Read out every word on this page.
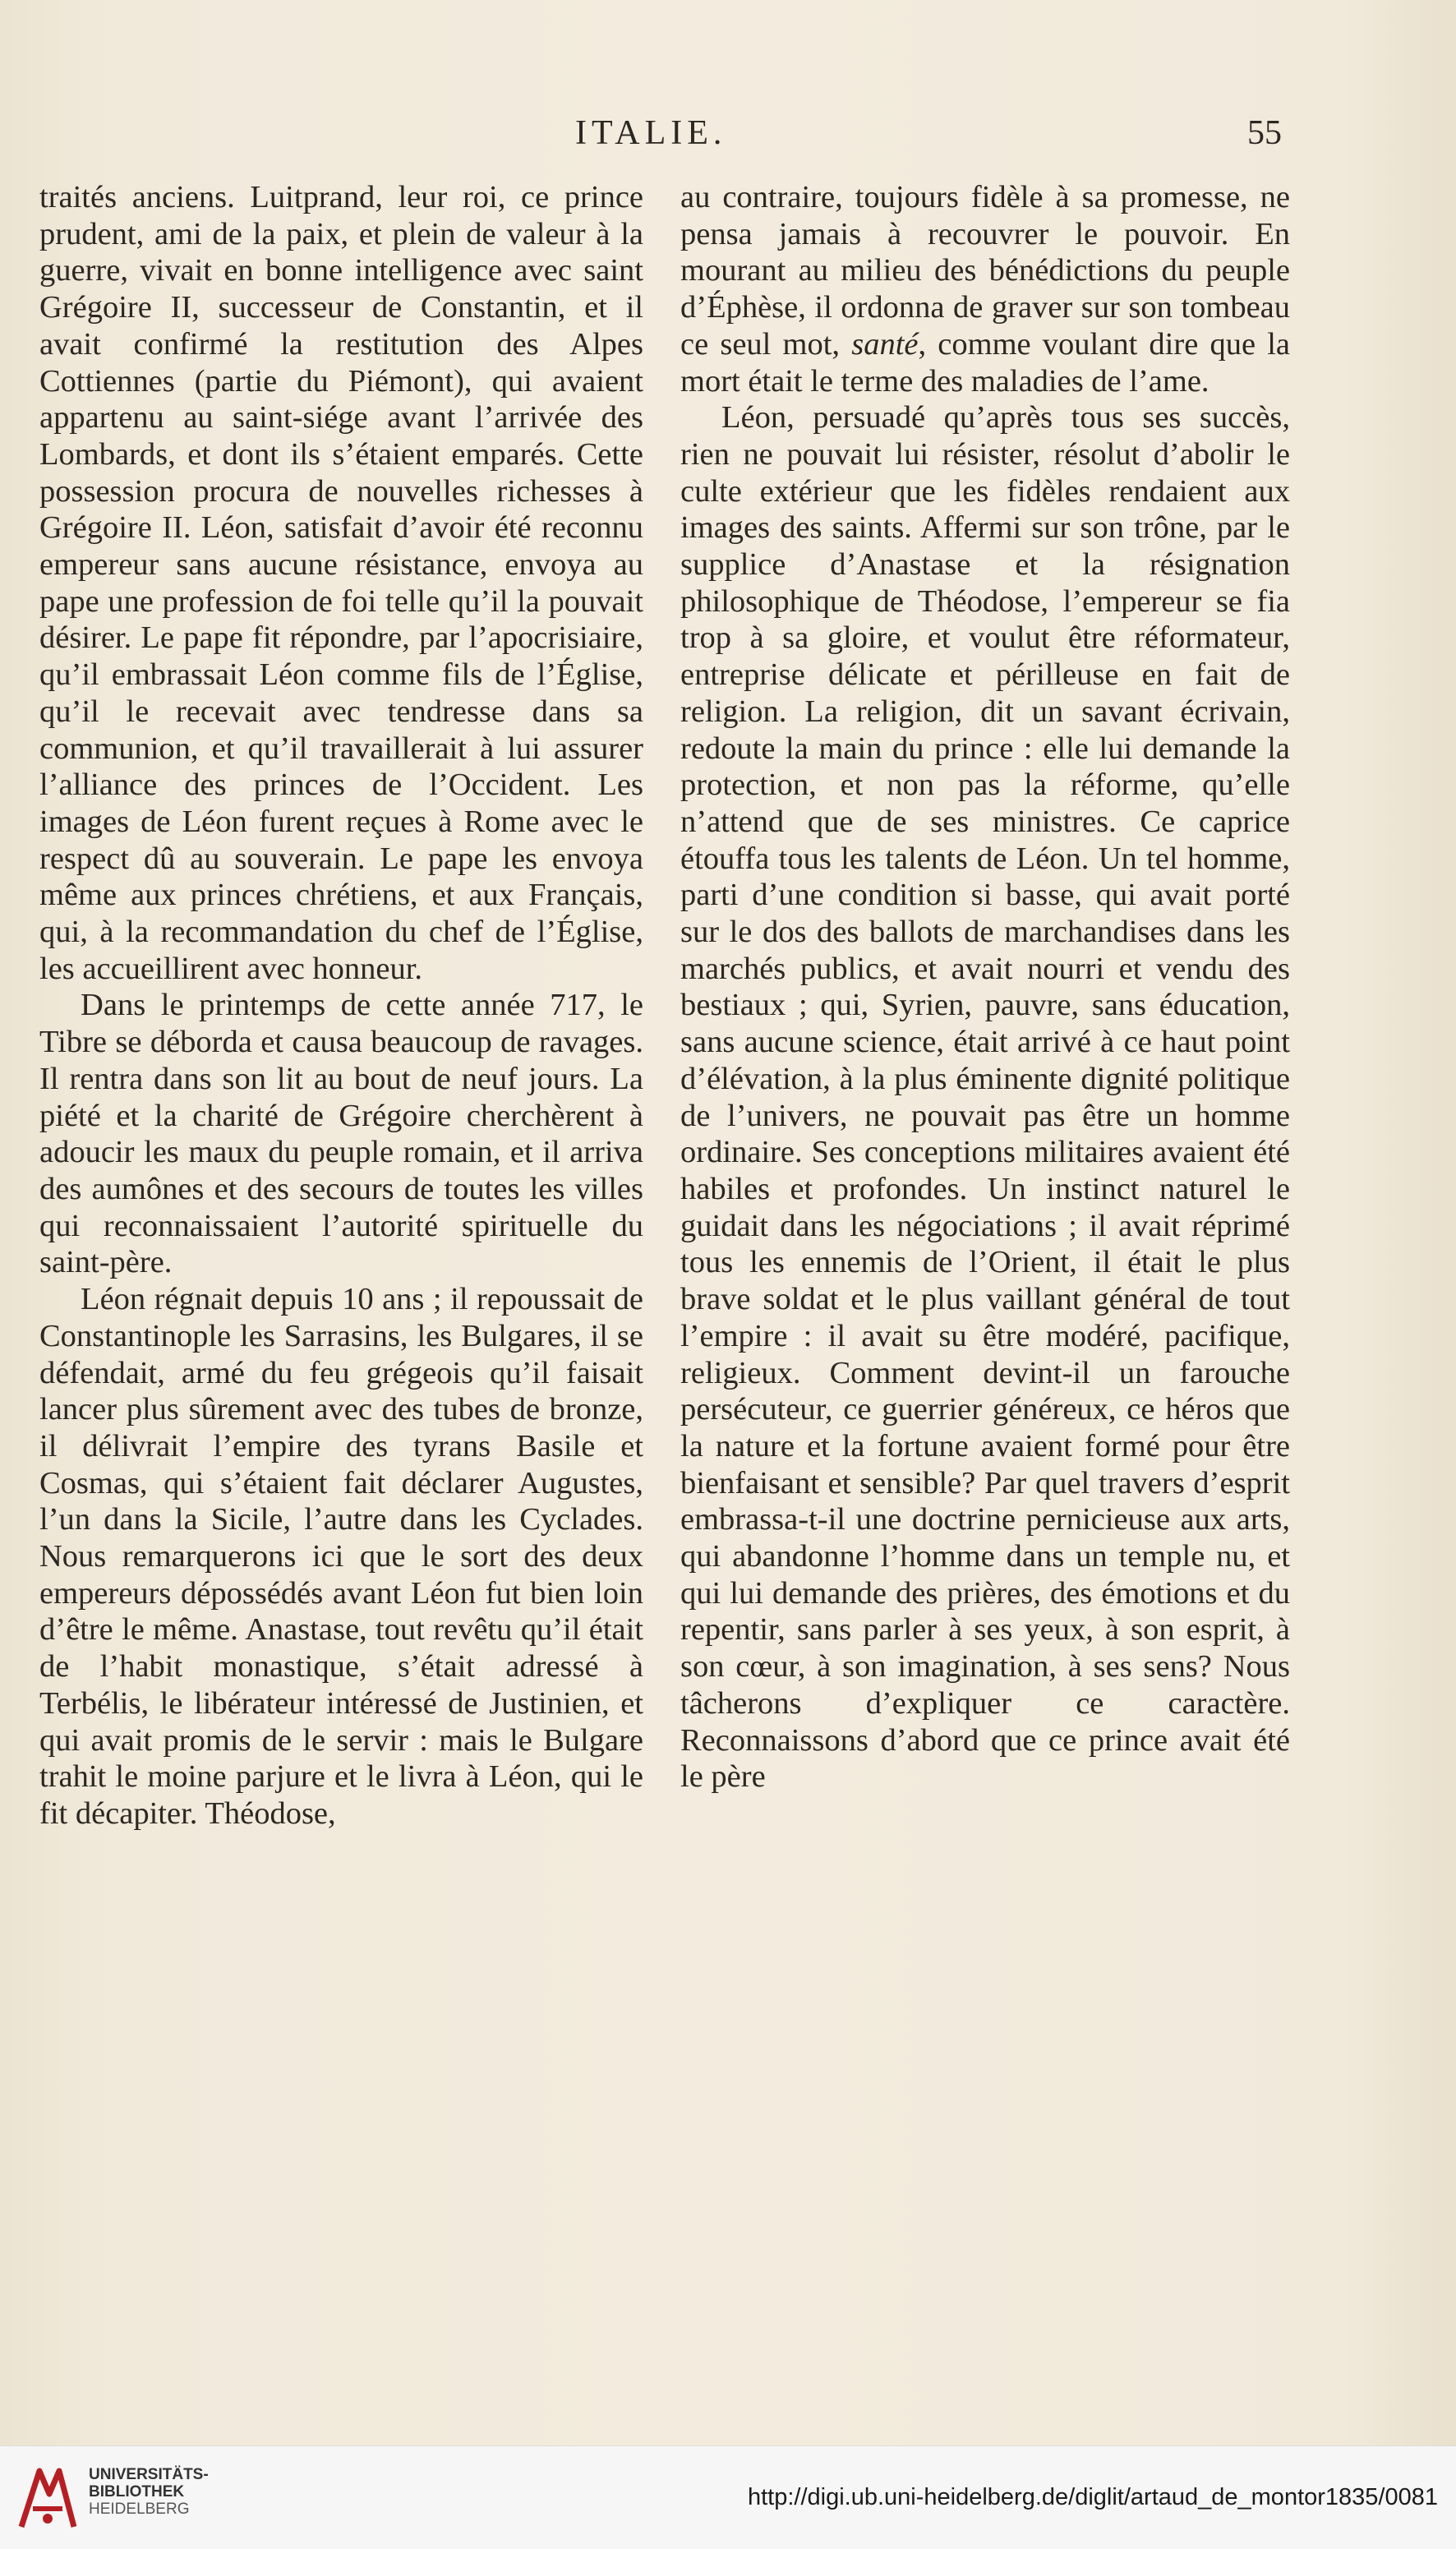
ITALIE.	55

traités anciens. Luitprand, leur roi, ce prince prudent, ami de la paix, et plein de valeur à la guerre, vivait en bonne intelligence avec saint Grégoire II, successeur de Constantin, et il avait confirmé la restitution des Alpes Cottiennes (partie du Piémont), qui avaient appartenu au saint-siége avant l’arrivée des Lombards, et dont ils s’étaient emparés. Cette possession procura de nouvelles richesses à Grégoire II. Léon, satisfait d’avoir été reconnu empereur sans aucune résistance, envoya au pape une profession de foi telle qu’il la pouvait désirer. Le pape fit répondre, par l’apocrisiaire, qu’il embrassait Léon comme fils de l’Église, qu’il le recevait avec tendresse dans sa communion, et qu’il travaillerait à lui assurer l’alliance des princes de l’Occident. Les images de Léon furent reçues à Rome avec le respect dû au souverain. Le pape les envoya même aux princes chrétiens, et aux Français, qui, à la recommandation du chef de l’Église, les accueillirent avec honneur.

Dans le printemps de cette année 717, le Tibre se déborda et causa beaucoup de ravages. Il rentra dans son lit au bout de neuf jours. La piété et la charité de Grégoire cherchèrent à adoucir les maux du peuple romain, et il arriva des aumônes et des secours de toutes les villes qui reconnaissaient l’autorité spirituelle du saint-père.

Léon régnait depuis 10 ans ; il repoussait de Constantinople les Sarrasins, les Bulgares, il se défendait, armé du feu grégeois qu’il faisait lancer plus sûrement avec des tubes de bronze, il délivrait l’empire des tyrans Basile et Cosmas, qui s’étaient fait déclarer Augustes, l’un dans la Sicile, l’autre dans les Cyclades. Nous remarquerons ici que le sort des deux empereurs dépossédés avant Léon fut bien loin d’être le même. Anastase, tout revêtu qu’il était de l’habit monastique, s’était adressé à Terbélis, le libérateur intéressé de Justinien, et qui avait promis de le servir : mais le Bulgare trahit le moine parjure et le livra à Léon, qui le fit décapiter. Théodose,

au contraire, toujours fidèle à sa promesse, ne pensa jamais à recouvrer le pouvoir. En mourant au milieu des bénédictions du peuple d’Éphèse, il ordonna de graver sur son tombeau ce seul mot, santé, comme voulant dire que la mort était le terme des maladies de l’ame.

Léon, persuadé qu’après tous ses succès, rien ne pouvait lui résister, résolut d’abolir le culte extérieur que les fidèles rendaient aux images des saints. Affermi sur son trône, par le supplice d’Anastase et la résignation philosophique de Théodose, l’empereur se fia trop à sa gloire, et voulut être réformateur, entreprise délicate et périlleuse en fait de religion. La religion, dit un savant écrivain, redoute la main du prince : elle lui demande la protection, et non pas la réforme, qu’elle n’attend que de ses ministres. Ce caprice étouffa tous les talents de Léon. Un tel homme, parti d’une condition si basse, qui avait porté sur le dos des ballots de marchandises dans les marchés publics, et avait nourri et vendu des bestiaux ; qui, Syrien, pauvre, sans éducation, sans aucune science, était arrivé à ce haut point d’élévation, à la plus éminente dignité politique de l’univers, ne pouvait pas être un homme ordinaire. Ses conceptions militaires avaient été habiles et profondes. Un instinct naturel le guidait dans les négociations ; il avait réprimé tous les ennemis de l’Orient, il était le plus brave soldat et le plus vaillant général de tout l’empire : il avait su être modéré, pacifique, religieux. Comment devint-il un farouche persécuteur, ce guerrier généreux, ce héros que la nature et la fortune avaient formé pour être bienfaisant et sensible? Par quel travers d’esprit embrassa-t-il une doctrine pernicieuse aux arts, qui abandonne l’homme dans un temple nu, et qui lui demande des prières, des émotions et du repentir, sans parler à ses yeux, à son esprit, à son cœur, à son imagination, à ses sens? Nous tâcherons d’expliquer ce caractère. Reconnaissons d’abord que ce prince avait été le père

UNIVERSITÄTS-
BIBLIOTHEK
HEIDELBERG	http://digi.ub.uni-heidelberg.de/diglit/artaud_de_montor1835/0081
